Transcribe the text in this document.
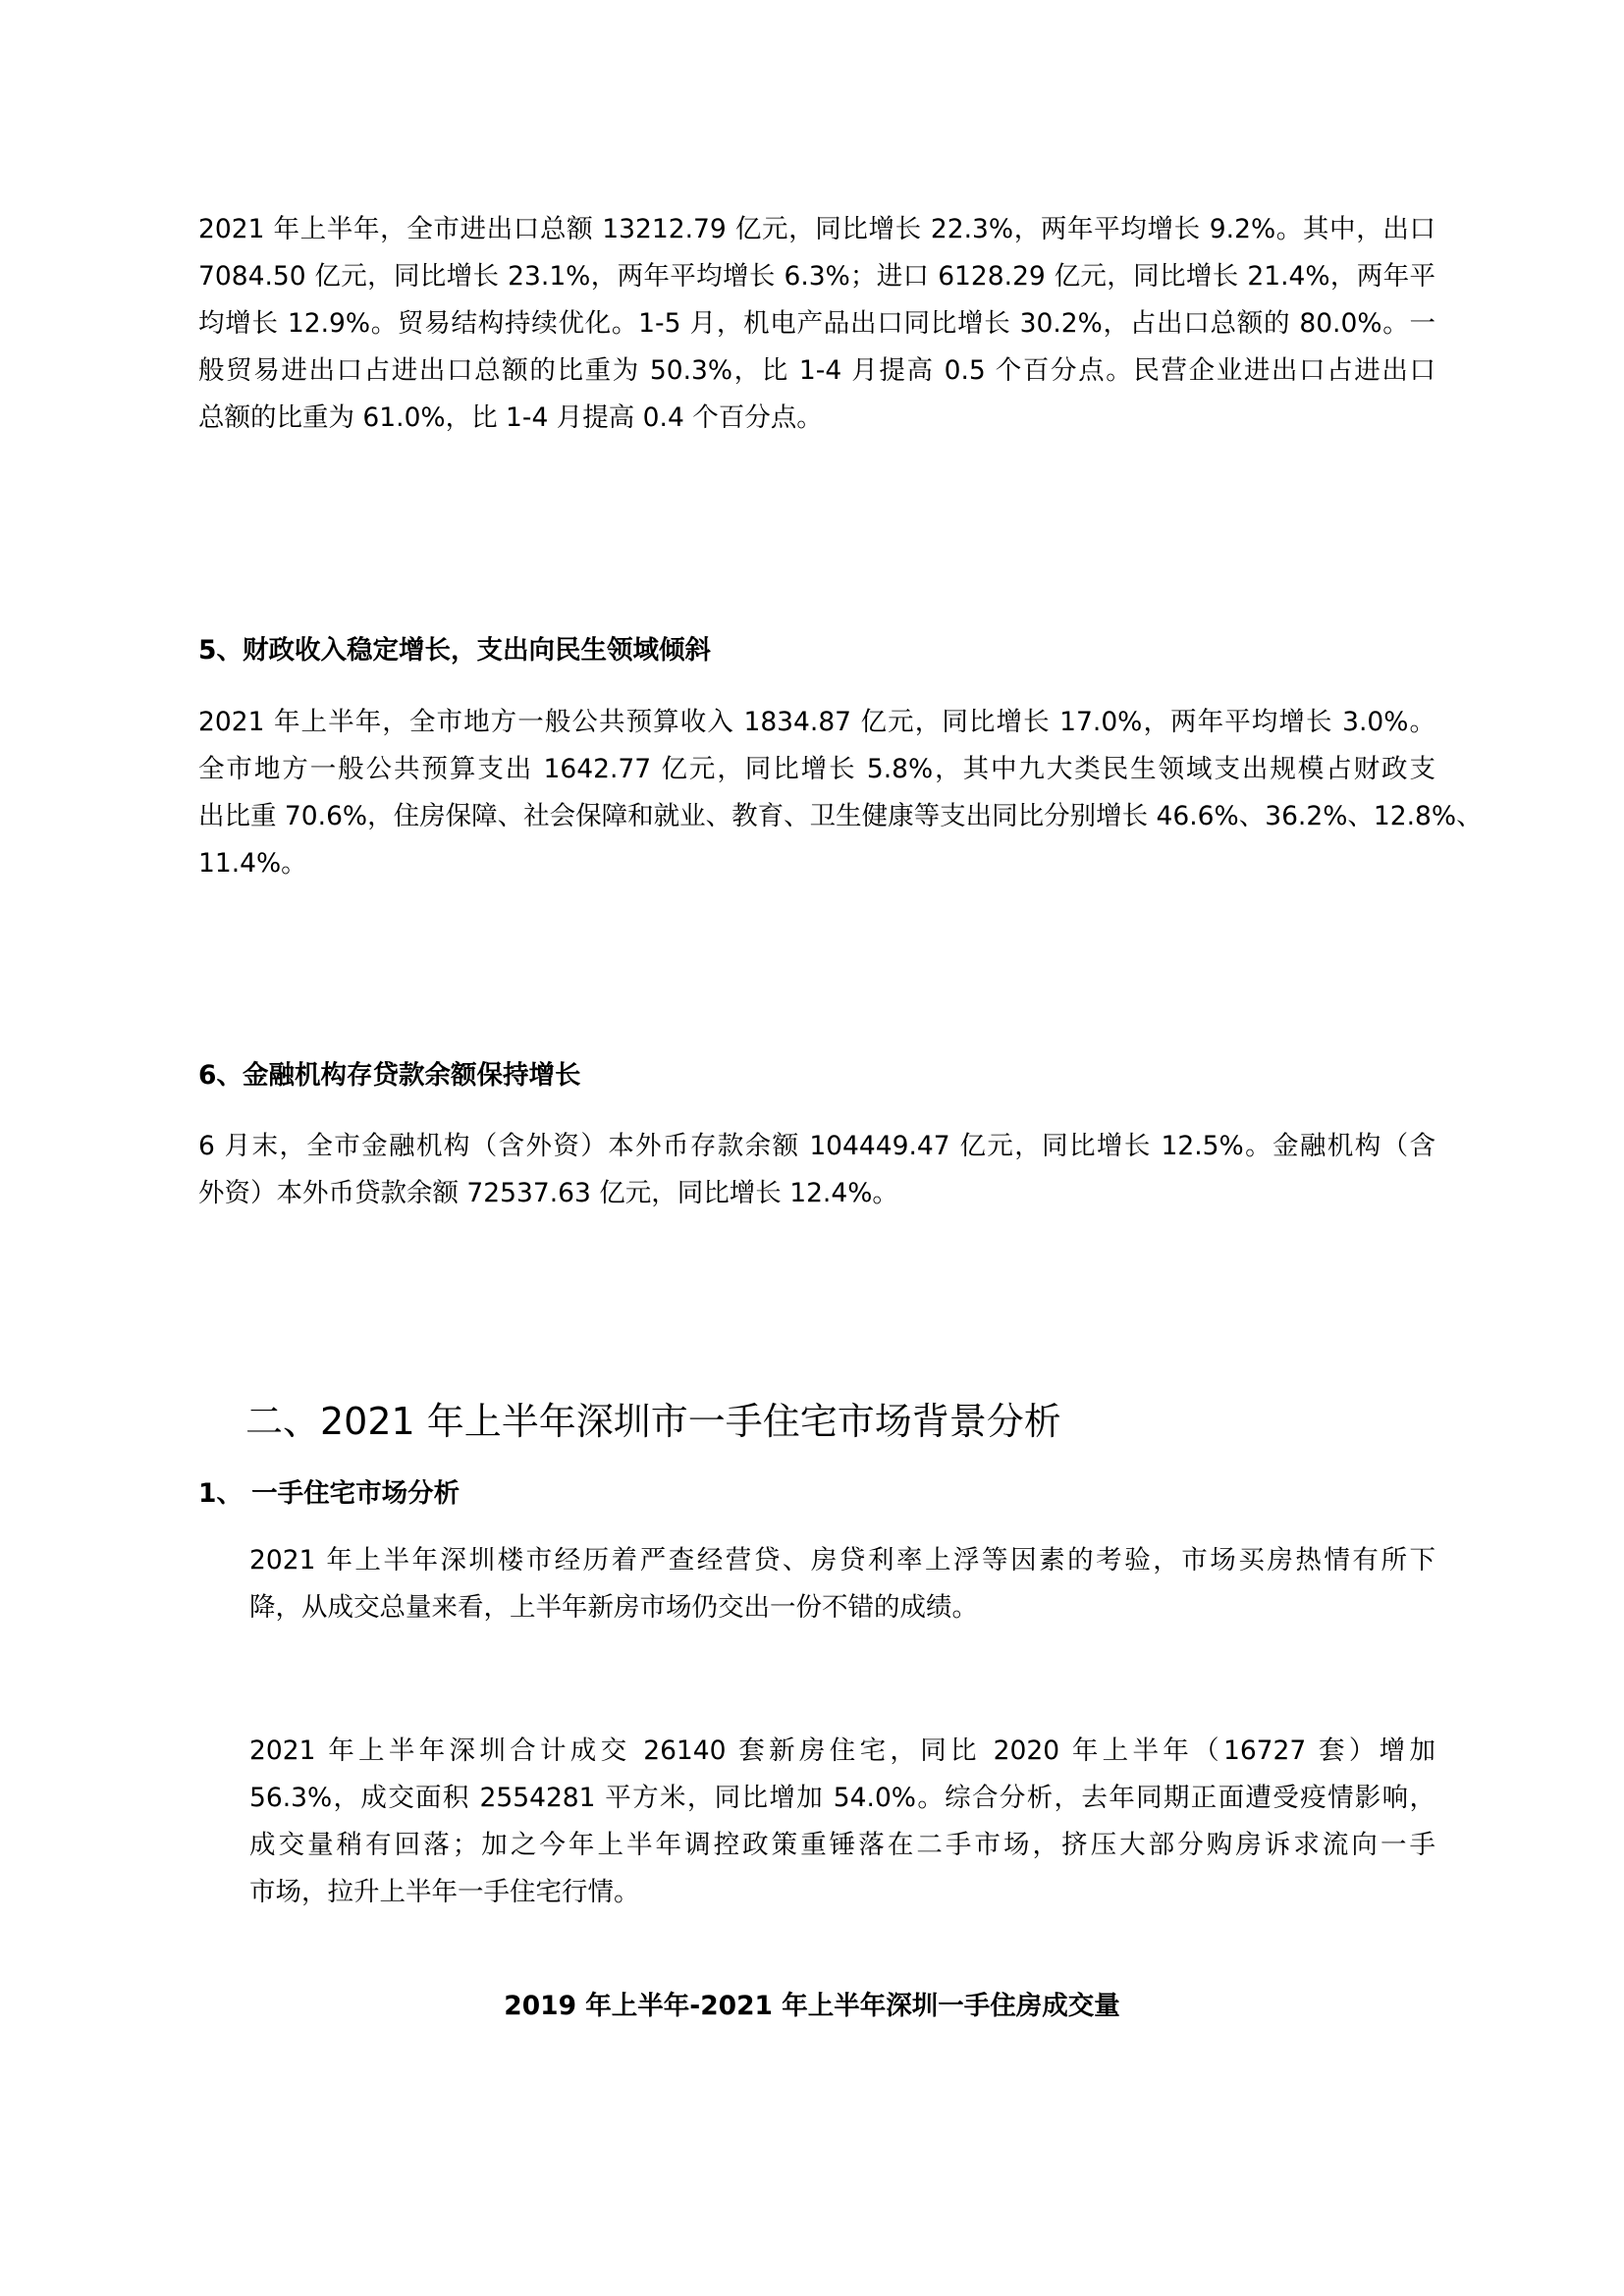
2021 年上半年，全市进出口总额 13212.79 亿元，同比增长 22.3%，两年平均增长 9.2%。其中，出口
7084.50 亿元，同比增长 23.1%，两年平均增长 6.3%；进口 6128.29 亿元，同比增长 21.4%，两年平
均增长 12.9%。贸易结构持续优化。1-5 月，机电产品出口同比增长 30.2%，占出口总额的 80.0%。一
般贸易进出口占进出口总额的比重为 50.3%，比 1-4 月提高 0.5 个百分点。民营企业进出口占进出口
总额的比重为 61.0%，比 1-4 月提高 0.4 个百分点。
5、财政收入稳定增长，支出向民生领域倾斜
2021 年上半年，全市地方一般公共预算收入 1834.87 亿元，同比增长 17.0%，两年平均增长 3.0%。
全市地方一般公共预算支出 1642.77 亿元，同比增长 5.8%，其中九大类民生领域支出规模占财政支
出比重 70.6%，住房保障、社会保障和就业、教育、卫生健康等支出同比分别增长 46.6%、36.2%、12.8%、
11.4%。
6、金融机构存贷款余额保持增长
6 月末，全市金融机构（含外资）本外币存款余额 104449.47 亿元，同比增长 12.5%。金融机构（含
外资）本外币贷款余额 72537.63 亿元，同比增长 12.4%。
二、2021 年上半年深圳市一手住宅市场背景分析
1、 一手住宅市场分析
2021 年上半年深圳楼市经历着严查经营贷、房贷利率上浮等因素的考验，市场买房热情有所下
降，从成交总量来看，上半年新房市场仍交出一份不错的成绩。
2021 年上半年深圳合计成交 26140 套新房住宅，同比 2020 年上半年（16727 套）增加
56.3%，成交面积 2554281 平方米，同比增加 54.0%。综合分析，去年同期正面遭受疫情影响，
成交量稍有回落；加之今年上半年调控政策重锤落在二手市场，挤压大部分购房诉求流向一手
市场，拉升上半年一手住宅行情。
2019 年上半年-2021 年上半年深圳一手住房成交量
